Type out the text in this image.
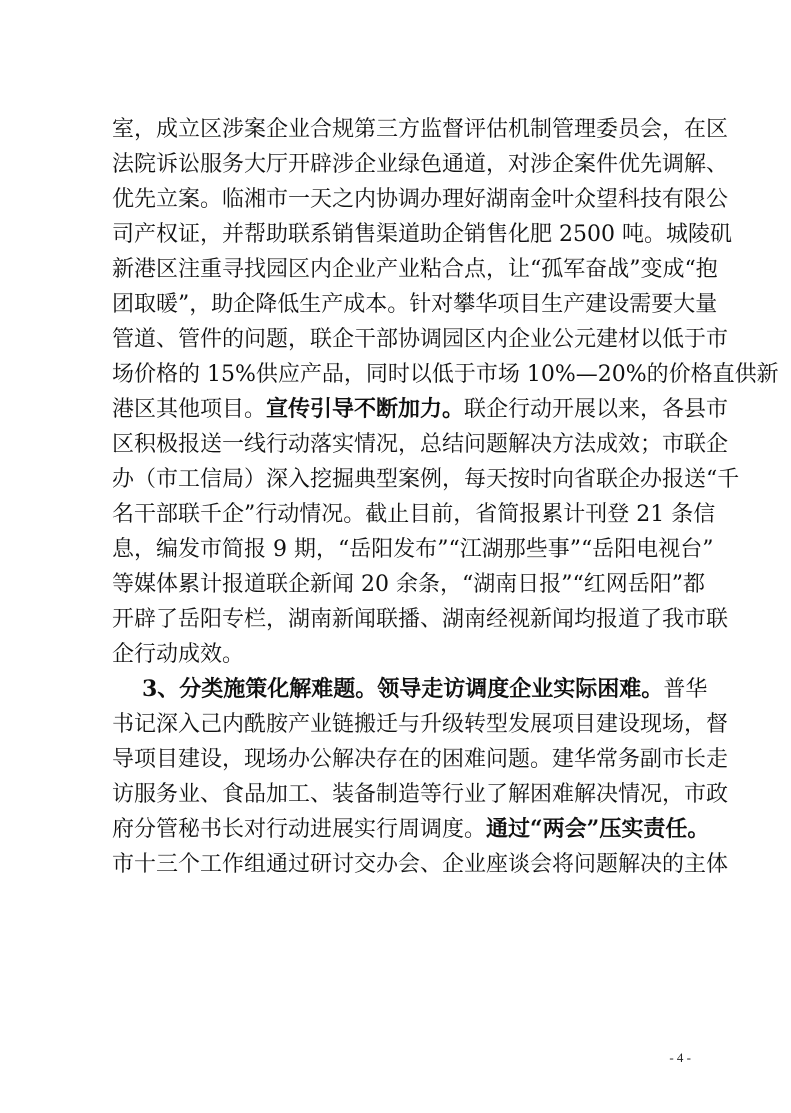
室，成立区涉案企业合规第三方监督评估机制管理委员会，在区
法院诉讼服务大厅开辟涉企业绿色通道，对涉企案件优先调解、
优先立案。临湘市一天之内协调办理好湖南金叶众望科技有限公
司产权证，并帮助联系销售渠道助企销售化肥 2500 吨。城陵矶
新港区注重寻找园区内企业产业粘合点，让“孤军奋战”变成“抱
团取暖”，助企降低生产成本。针对攀华项目生产建设需要大量
管道、管件的问题，联企干部协调园区内企业公元建材以低于市
场价格的 15%供应产品，同时以低于市场 10%—20%的价格直供新
港区其他项目。宣传引导不断加力。联企行动开展以来，各县市
区积极报送一线行动落实情况，总结问题解决方法成效；市联企
办（市工信局）深入挖掘典型案例，每天按时向省联企办报送“千
名干部联千企”行动情况。截止目前，省简报累计刊登 21 条信
息，编发市简报 9 期，“岳阳发布”“江湖那些事”“岳阳电视台”
等媒体累计报道联企新闻 20 余条，“湖南日报”“红网岳阳”都
开辟了岳阳专栏，湖南新闻联播、湖南经视新闻均报道了我市联
企行动成效。
3、分类施策化解难题。领导走访调度企业实际困难。普华
书记深入己内酰胺产业链搬迁与升级转型发展项目建设现场，督
导项目建设，现场办公解决存在的困难问题。建华常务副市长走
访服务业、食品加工、装备制造等行业了解困难解决情况，市政
府分管秘书长对行动进展实行周调度。通过“两会”压实责任。
市十三个工作组通过研讨交办会、企业座谈会将问题解决的主体
- 4 -
